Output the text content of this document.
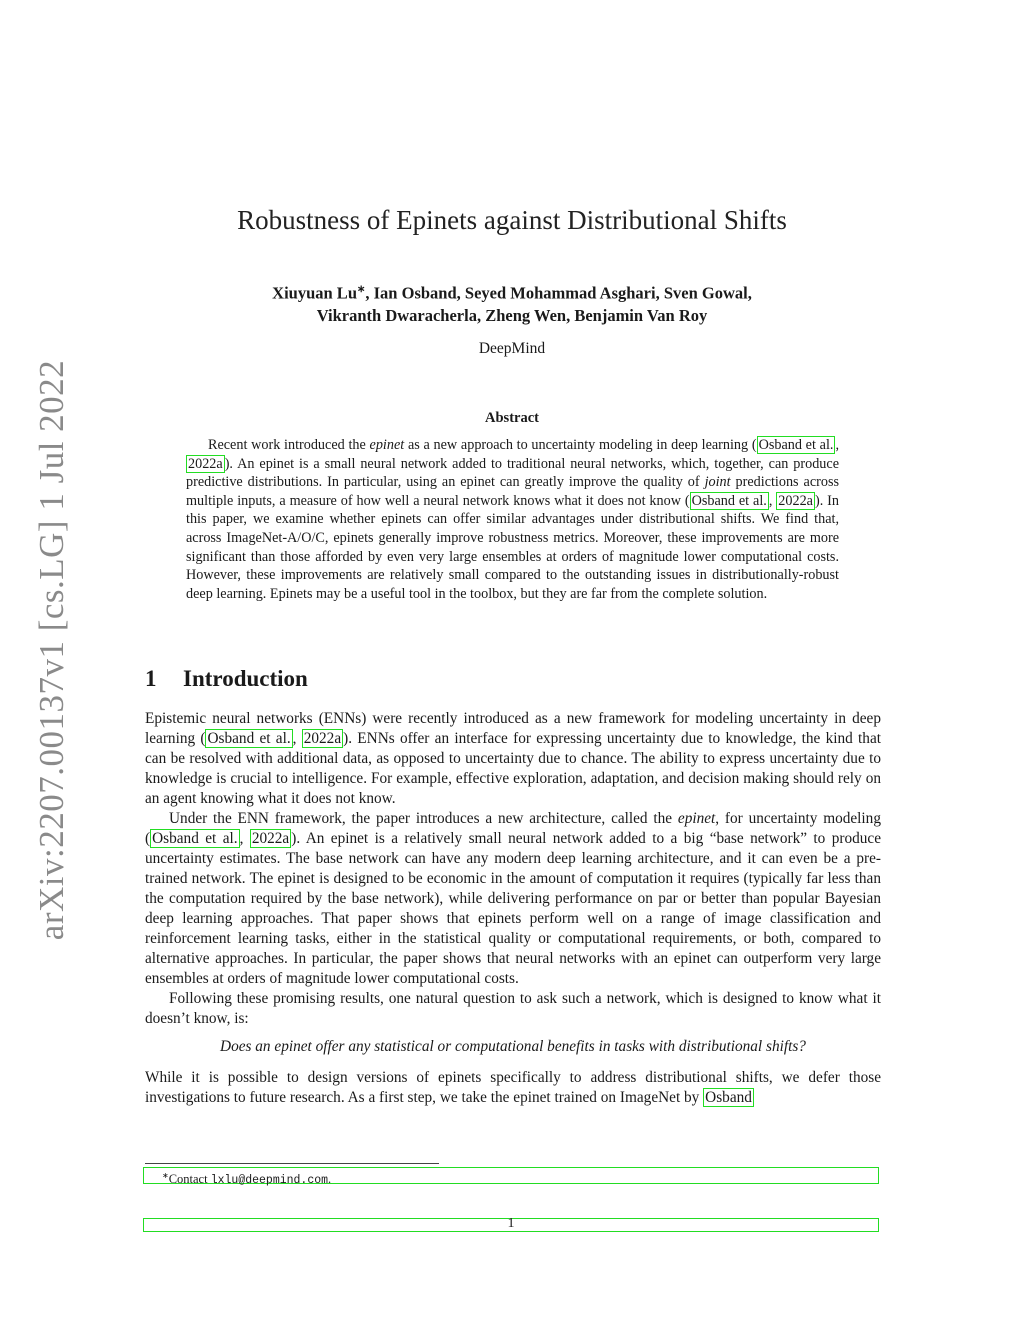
arXiv:2207.00137v1 [cs.LG] 1 Jul 2022
Robustness of Epinets against Distributional Shifts
Xiuyuan Lu∗, Ian Osband, Seyed Mohammad Asghari, Sven Gowal,
Vikranth Dwaracherla, Zheng Wen, Benjamin Van Roy
DeepMind
Abstract
Recent work introduced the epinet as a new approach to uncertainty modeling in deep learning ( Osband et al. , 2022a ). An epinet is a small neural network added to traditional neural networks, which, together, can produce predictive distributions. In particular, using an epinet can greatly improve the quality of joint predictions across multiple inputs, a measure of how well a neural network knows what it does not know ( Osband et al. , 2022a ). In this paper, we examine whether epinets can offer similar advantages under distributional shifts. We find that, across ImageNet-A/O/C, epinets generally improve robustness metrics. Moreover, these improvements are more significant than those afforded by even very large ensembles at orders of magnitude lower computational costs. However, these improvements are relatively small compared to the outstanding issues in distributionally-robust deep learning. Epinets may be a useful tool in the toolbox, but they are far from the complete solution.
1 Introduction

Epistemic neural networks (ENNs) were recently introduced as a new framework for modeling uncertainty in deep learning ( Osband et al. , 2022a ). ENNs offer an interface for expressing uncertainty due to knowledge, the kind that can be resolved with additional data, as opposed to uncertainty due to chance. The ability to express uncertainty due to knowledge is crucial to intelligence. For example, effective exploration, adaptation, and decision making should rely on an agent knowing what it does not know.

Under the ENN framework, the paper introduces a new architecture, called the epinet, for uncertainty modeling ( Osband et al. , 2022a ). An epinet is a relatively small neural network added to a big “base network” to produce uncertainty estimates. The base network can have any modern deep learning architecture, and it can even be a pre-trained network. The epinet is designed to be economic in the amount of computation it requires (typically far less than the computation required by the base network), while delivering performance on par or better than popular Bayesian deep learning approaches. That paper shows that epinets perform well on a range of image classification and reinforcement learning tasks, either in the statistical quality or computational requirements, or both, compared to alternative approaches. In particular, the paper shows that neural networks with an epinet can outperform very large ensembles at orders of magnitude lower computational costs.

Following these promising results, one natural question to ask such a network, which is designed to know what it doesn’t know, is:

Does an epinet offer any statistical or computational benefits in tasks with distributional shifts?

While it is possible to design versions of epinets specifically to address distributional shifts, we defer those investigations to future research. As a first step, we take the epinet trained on ImageNet by Osband

∗Contact lxlu@deepmind.com.
1
